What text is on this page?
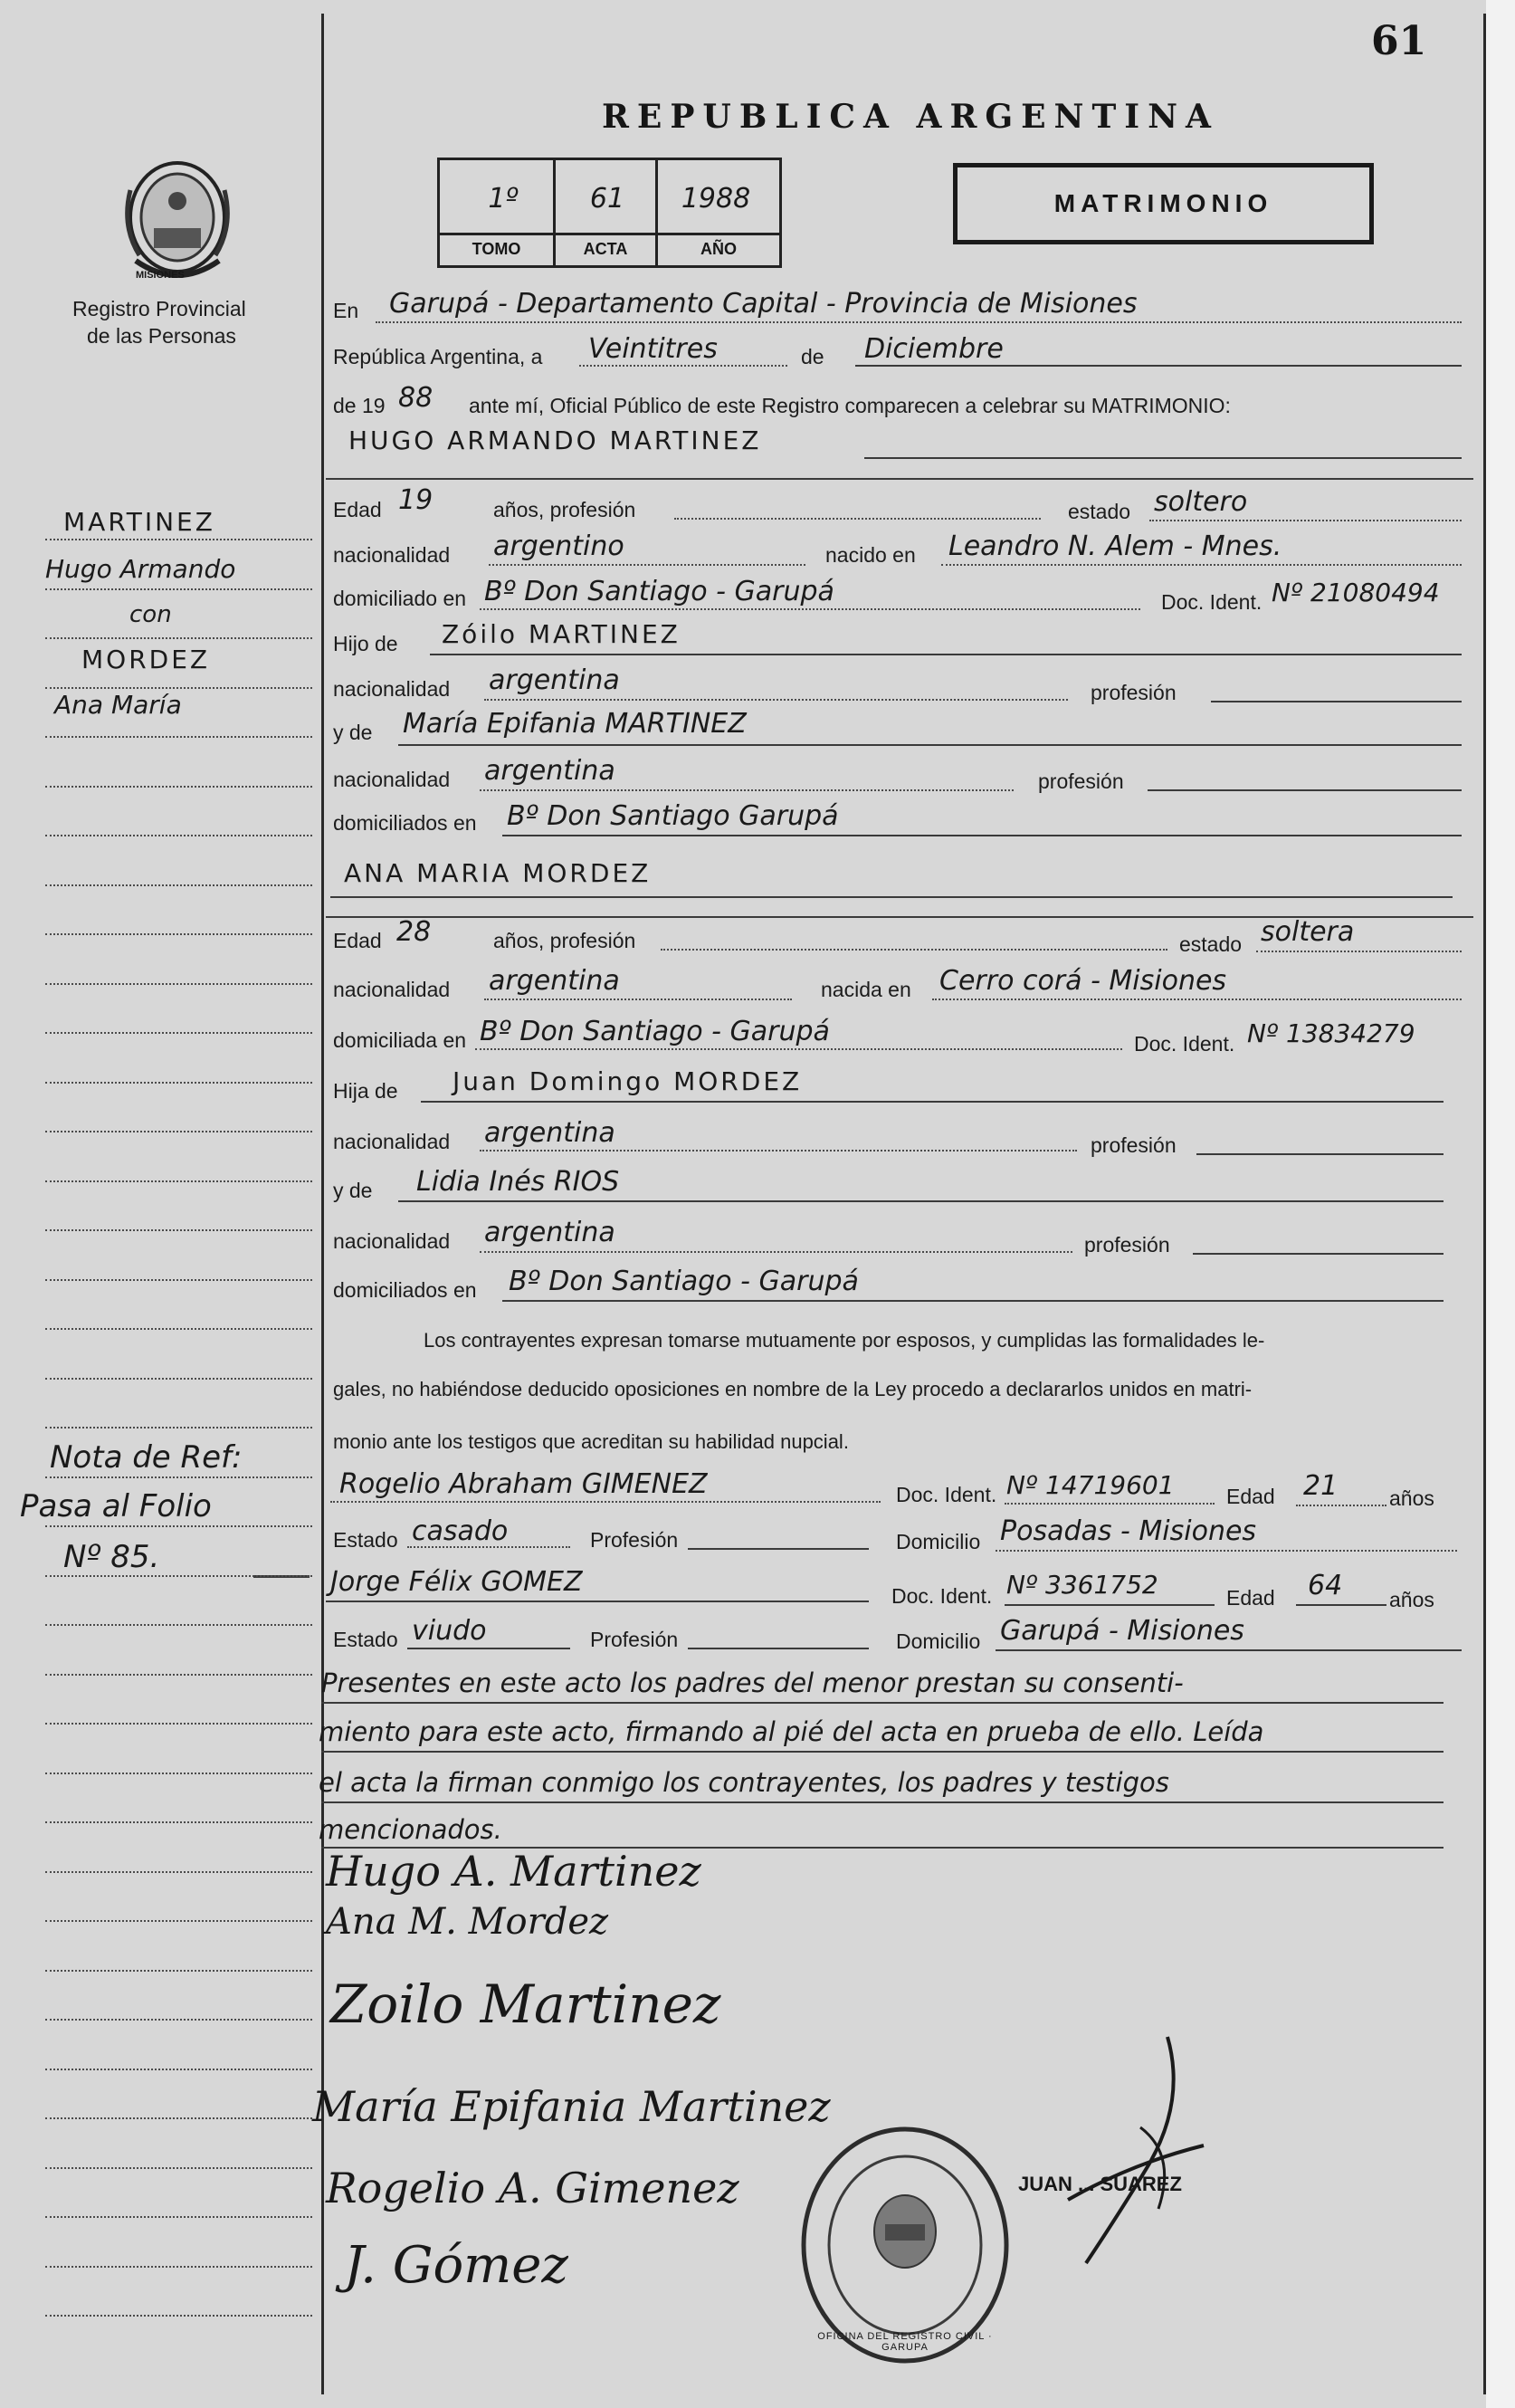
61
REPUBLICA ARGENTINA
MISIONES
Registro Provincial
de las Personas
1º	61	1988
TOMO	ACTA	AÑO
MATRIMONIO
En Garupá - Departamento Capital - Provincia de Misiones
República Argentina, a Veintitres	de Diciembre
de 19 88 ante mí, Oficial Público de este Registro comparecen a celebrar su MATRIMONIO:
HUGO ARMANDO MARTINEZ
Edad 19	años, profesión	estado soltero
nacionalidad argentino	nacido en Leandro N. Alem - Mnes.
domiciliado en Bº Don Santiago - Garupá	Doc. Ident. Nº 21080494
Hijo de Zóilo MARTINEZ
nacionalidad argentina	profesión
y de María Epifania MARTINEZ
nacionalidad argentina	profesión
domiciliados en Bº Don Santiago Garupá
ANA MARIA MORDEZ
Edad 28	años, profesión	estado soltera
nacionalidad argentina	nacida en Cerro corá - Misiones
domiciliada en Bº Don Santiago - Garupá	Doc. Ident. Nº 13834279
Hija de Juan Domingo MORDEZ
nacionalidad argentina	profesión
y de Lidia Inés RIOS
nacionalidad argentina	profesión
domiciliados en Bº Don Santiago - Garupá
Los contrayentes expresan tomarse mutuamente por esposos, y cumplidas las formalidades le-
gales, no habiéndose deducido oposiciones en nombre de la Ley procedo a declararlos unidos en matri-
monio ante los testigos que acreditan su habilidad nupcial.
Rogelio Abraham GIMENEZ	Doc. Ident. Nº 14719601 Edad 21 años
Estado casado	Profesión	Domicilio Posadas - Misiones
Jorge Félix GOMEZ	Doc. Ident. Nº 3361752	Edad 64 años
Estado viudo	Profesión	Domicilio Garupá - Misiones
Presentes en este acto los padres del menor prestan su consenti-
miento para este acto, firmando al pié del acta en prueba de ello. Leída
el acta la firman conmigo los contrayentes, los padres y testigos
mencionados.
Hugo A. Martinez
Ana M. Mordez
Zoilo Martinez
María Epifania Martinez
Rogelio A. Gimenez
J. Gómez
OFICINA DEL REGISTRO CIVIL · GARUPA
JUAN ... SUAREZ
MARTINEZ
Hugo Armando
con
MORDEZ
Ana María
Nota de Ref:
Pasa al Folio
Nº 85.
